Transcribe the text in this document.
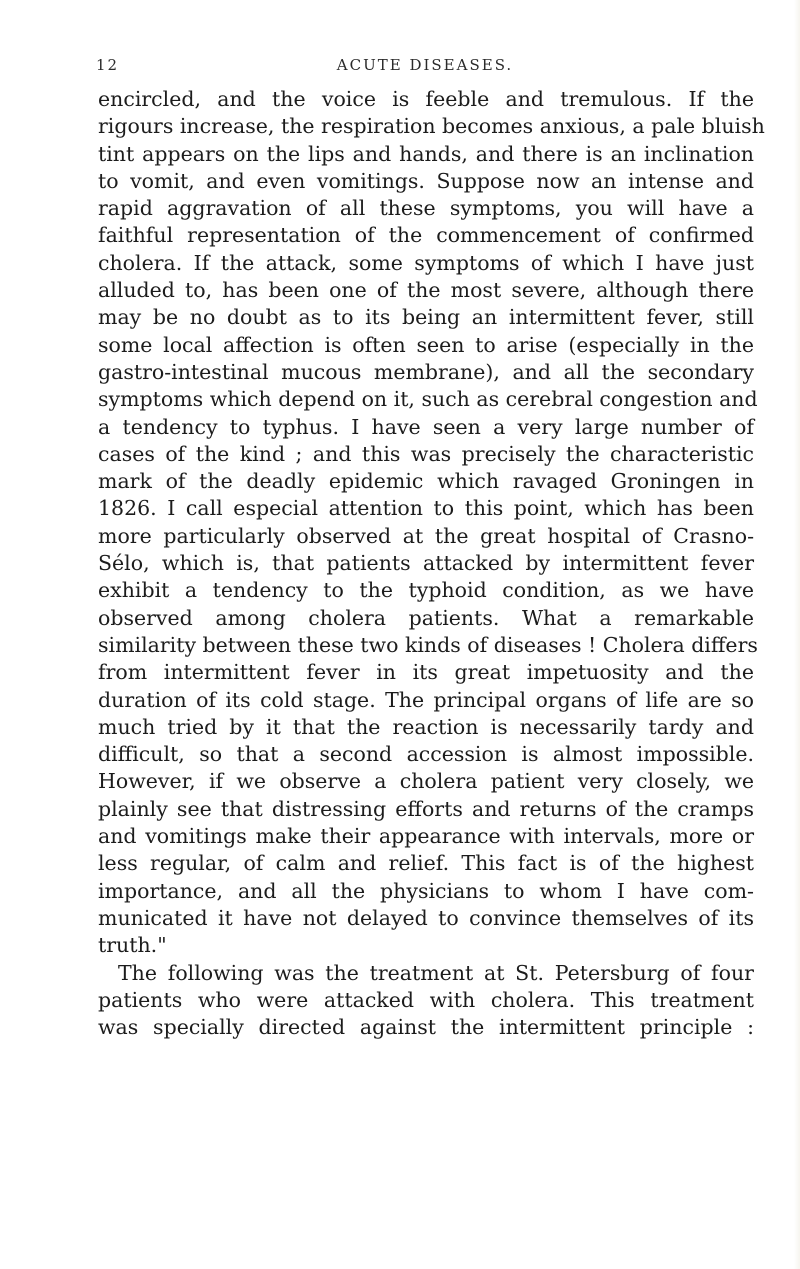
12	ACUTE DISEASES.
encircled, and the voice is feeble and tremulous. If the
rigours increase, the respiration becomes anxious, a pale bluish
tint appears on the lips and hands, and there is an inclination
to vomit, and even vomitings. Suppose now an intense and
rapid aggravation of all these symptoms, you will have a
faithful representation of the commencement of confirmed
cholera. If the attack, some symptoms of which I have just
alluded to, has been one of the most severe, although there
may be no doubt as to its being an intermittent fever, still
some local affection is often seen to arise (especially in the
gastro-intestinal mucous membrane), and all the secondary
symptoms which depend on it, such as cerebral congestion and
a tendency to typhus. I have seen a very large number of
cases of the kind ; and this was precisely the characteristic
mark of the deadly epidemic which ravaged Groningen in
1826. I call especial attention to this point, which has been
more particularly observed at the great hospital of Crasno-
Sélo, which is, that patients attacked by intermittent fever
exhibit a tendency to the typhoid condition, as we have
observed among cholera patients. What a remarkable
similarity between these two kinds of diseases ! Cholera differs
from intermittent fever in its great impetuosity and the
duration of its cold stage. The principal organs of life are so
much tried by it that the reaction is necessarily tardy and
difficult, so that a second accession is almost impossible.
However, if we observe a cholera patient very closely, we
plainly see that distressing efforts and returns of the cramps
and vomitings make their appearance with intervals, more or
less regular, of calm and relief. This fact is of the highest
importance, and all the physicians to whom I have com-
municated it have not delayed to convince themselves of its
truth."
The following was the treatment at St. Petersburg of four
patients who were attacked with cholera. This treatment
was specially directed against the intermittent principle :
